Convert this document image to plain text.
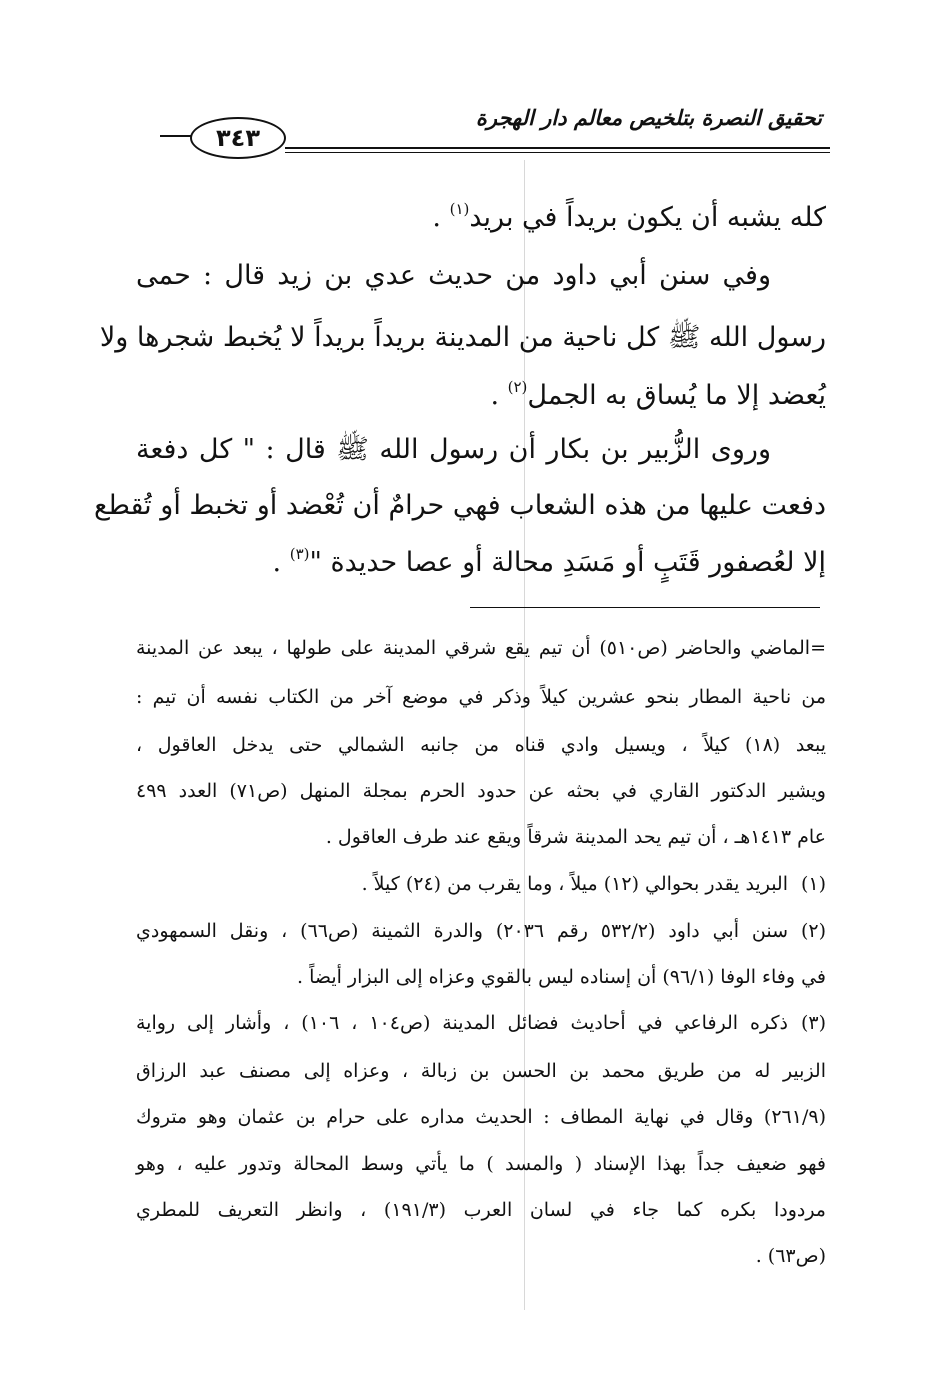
تحقيق النصرة بتلخيص معالم دار الهجرة
٣٤٣
كله يشبه أن يكون بريداً في بريد$^{(١)}$ .
وفي سنن أبي داود من حديث عدي بن زيد قال : حمى
رسول الله ﷺ كل ناحية من المدينة بريداً بريداً لا يُخبط شجرها ولا
يُعضد إلا ما يُساق به الجمل$^{(٢)}$ .
وروى الزُّبير بن بكار أن رسول الله ﷺ قال : " كل دفعة
دفعت عليها من هذه الشعاب فهي حرامٌ أن تُعْضد أو تخبط أو تُقطع
إلا لعُصفور قَتَبٍ أو مَسَدِ محالة أو عصا حديدة "$^{(٣)}$ .
=الماضي والحاضر (ص٥١٠) أن تيم يقع شرقي المدينة على طولها ، يبعد عن المدينة
من ناحية المطار بنحو عشرين كيلاً وذكر في موضع آخر من الكتاب نفسه أن تيم :
يبعد (١٨) كيلاً ، ويسيل وادي قناه من جانبه الشمالي حتى يدخل العاقول ،
ويشير الدكتور القاري في بحثه عن حدود الحرم بمجلة المنهل (ص٧١) العدد ٤٩٩
عام ١٤١٣هـ ، أن تيم يحد المدينة شرقاً ويقع عند طرف العاقول .
(١)
البريد يقدر بحوالي (١٢) ميلاً ، وما يقرب من (٢٤) كيلاً .
(٢)
سنن أبي داود (٥٣٢/٢ رقم ٢٠٣٦) والدرة الثمينة (ص٦٦) ، ونقل السمهودي
في وفاء الوفا (٩٦/١) أن إسناده ليس بالقوي وعزاه إلى البزار أيضاً .
(٣)
ذكره الرفاعي في أحاديث فضائل المدينة (ص١٠٤ ، ١٠٦) ، وأشار إلى رواية
الزبير له من طريق محمد بن الحسن بن زبالة ، وعزاه إلى مصنف عبد الرزاق
(٢٦١/٩) وقال في نهاية المطاف : الحديث مداره على حرام بن عثمان وهو متروك
فهو ضعيف جداً بهذا الإسناد ( والمسد ) ما يأتي وسط المحالة وتدور عليه ، وهو
مردودا بكره كما جاء في لسان العرب (١٩١/٣) ، وانظر التعريف للمطري
(ص٦٣) .
